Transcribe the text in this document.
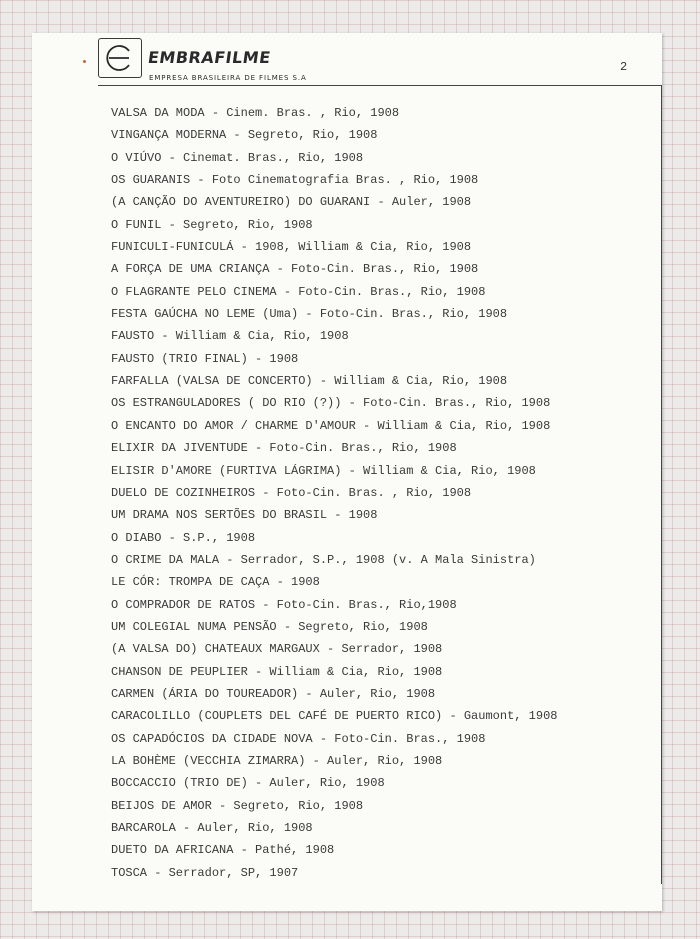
EMBRAFILME
EMPRESA BRASILEIRA DE FILMES S.A
2
VALSA DA MODA - Cinem. Bras. , Rio, 1908
VINGANÇA MODERNA - Segreto, Rio, 1908
O VIÚVO - Cinemat. Bras., Rio, 1908
OS GUARANIS - Foto Cinematografia Bras. , Rio, 1908
(A CANÇÃO DO AVENTUREIRO) DO GUARANI - Auler, 1908
O FUNIL - Segreto, Rio, 1908
FUNICULI-FUNICULÁ - 1908, William & Cia, Rio, 1908
A FORÇA DE UMA CRIANÇA - Foto-Cin. Bras., Rio, 1908
O FLAGRANTE PELO CINEMA - Foto-Cin. Bras., Rio, 1908
FESTA GAÚCHA NO LEME (Uma) - Foto-Cin. Bras., Rio, 1908
FAUSTO - William & Cia, Rio, 1908
FAUSTO (TRIO FINAL) - 1908
FARFALLA (VALSA DE CONCERTO) - William & Cia, Rio, 1908
OS ESTRANGULADORES ( DO RIO (?)) - Foto-Cin. Bras., Rio, 1908
O ENCANTO DO AMOR / CHARME D'AMOUR - William & Cia, Rio, 1908
ELIXIR DA JIVENTUDE - Foto-Cin. Bras., Rio, 1908
ELISIR D'AMORE (FURTIVA LÁGRIMA) - William & Cia, Rio, 1908
DUELO DE COZINHEIROS - Foto-Cin. Bras. , Rio, 1908
UM DRAMA NOS SERTÕES DO BRASIL - 1908
O DIABO - S.P., 1908
O CRIME DA MALA - Serrador, S.P., 1908 (v. A Mala Sinistra)
LE CÓR: TROMPA DE CAÇA - 1908
O COMPRADOR DE RATOS - Foto-Cin. Bras., Rio,1908
UM COLEGIAL NUMA PENSÃO - Segreto, Rio, 1908
(A VALSA DO) CHATEAUX MARGAUX - Serrador, 1908
CHANSON DE PEUPLIER - William & Cia, Rio, 1908
CARMEN (ÁRIA DO TOUREADOR) - Auler, Rio, 1908
CARACOLILLO (COUPLETS DEL CAFÉ DE PUERTO RICO) - Gaumont, 1908
OS CAPADÓCIOS DA CIDADE NOVA - Foto-Cin. Bras., 1908
LA BOHÈME (VECCHIA ZIMARRA) - Auler, Rio, 1908
BOCCACCIO (TRIO DE) - Auler, Rio, 1908
BEIJOS DE AMOR - Segreto, Rio, 1908
BARCAROLA - Auler, Rio, 1908
DUETO DA AFRICANA - Pathé, 1908
TOSCA - Serrador, SP, 1907
